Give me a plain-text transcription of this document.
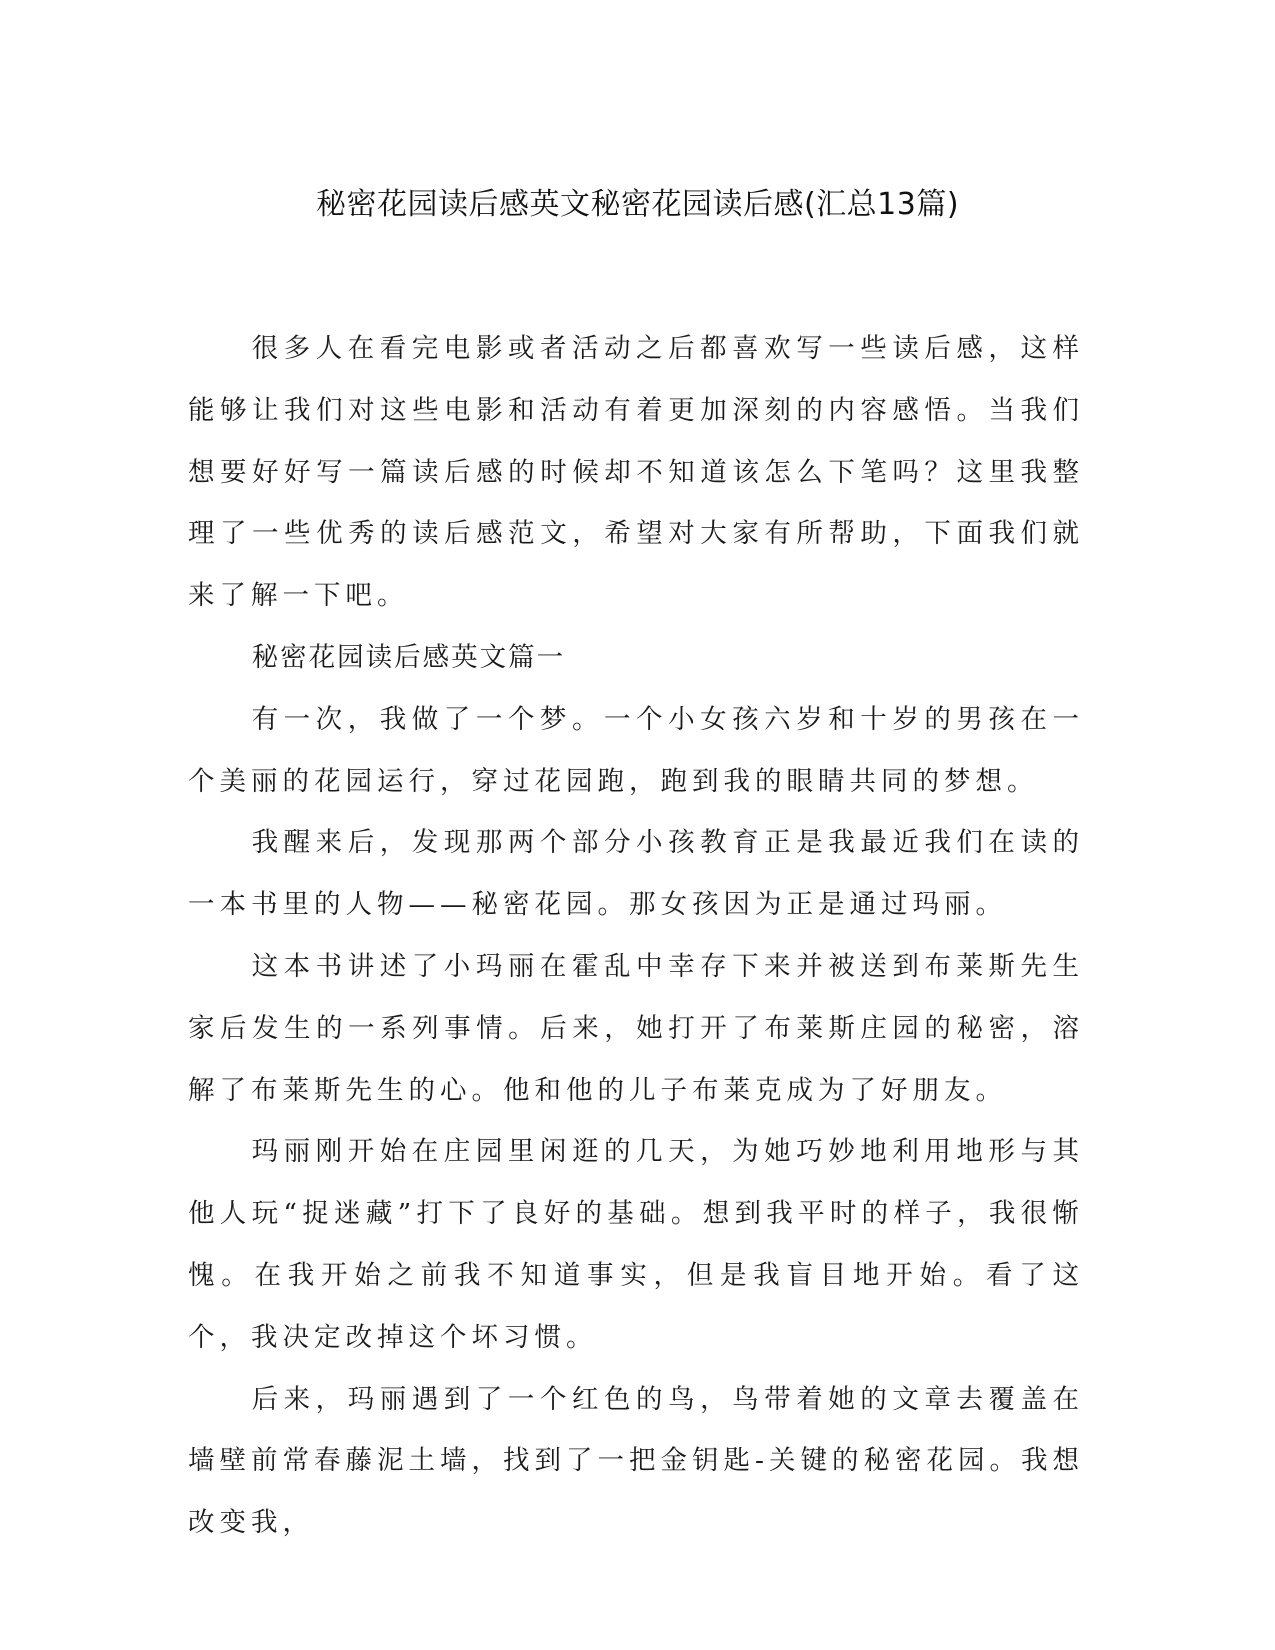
秘密花园读后感英文秘密花园读后感(汇总13篇)

很多人在看完电影或者活动之后都喜欢写一些读后感，这样能够让我们对这些电影和活动有着更加深刻的内容感悟。当我们想要好好写一篇读后感的时候却不知道该怎么下笔吗？这里我整理了一些优秀的读后感范文，希望对大家有所帮助，下面我们就来了解一下吧。

秘密花园读后感英文篇一

有一次，我做了一个梦。一个小女孩六岁和十岁的男孩在一个美丽的花园运行，穿过花园跑，跑到我的眼睛共同的梦想。

我醒来后，发现那两个部分小孩教育正是我最近我们在读的一本书里的人物——秘密花园。那女孩因为正是通过玛丽。

这本书讲述了小玛丽在霍乱中幸存下来并被送到布莱斯先生家后发生的一系列事情。后来，她打开了布莱斯庄园的秘密，溶解了布莱斯先生的心。他和他的儿子布莱克成为了好朋友。

玛丽刚开始在庄园里闲逛的几天，为她巧妙地利用地形与其他人玩“捉迷藏”打下了良好的基础。想到我平时的样子，我很惭愧。在我开始之前我不知道事实，但是我盲目地开始。看了这个，我决定改掉这个坏习惯。

后来，玛丽遇到了一个红色的鸟，鸟带着她的文章去覆盖在墙壁前常春藤泥土墙，找到了一把金钥匙-关键的秘密花园。我想改变我，
